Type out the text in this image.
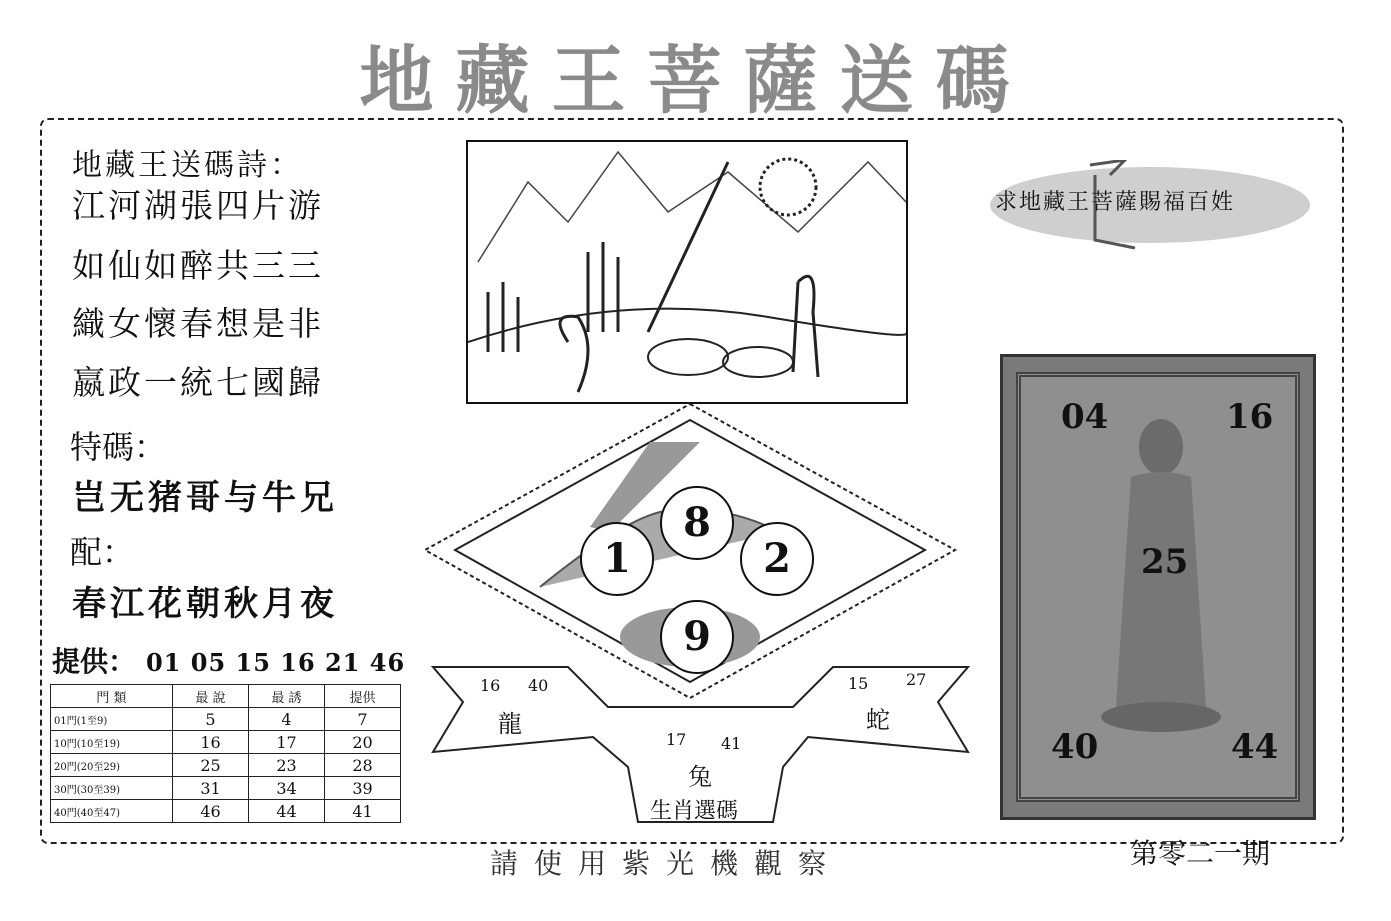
地藏王菩薩送碼
地藏王送碼詩：
江河湖張四片游
如仙如醉共三三
織女懷春想是非
嬴政一統七國歸
特碼：
岂无猪哥与牛兄
配：
春江花朝秋月夜
提供： 01 05 15 16 21 46
門 類	最 說	最 誘	提供
01門(1至9)	5	4	7
10門(10至19)	16	17	20
20門(20至29)	25	23	28
30門(30至39)	31	34	39
40門(40至47)	46	44	41
8
1	2
9
16 40
龍
15 27
蛇
17 41
兔
生肖選碼
求地藏王菩薩賜福百姓
04	16
25
40	44
請使用紫光機觀察	第零二一期
